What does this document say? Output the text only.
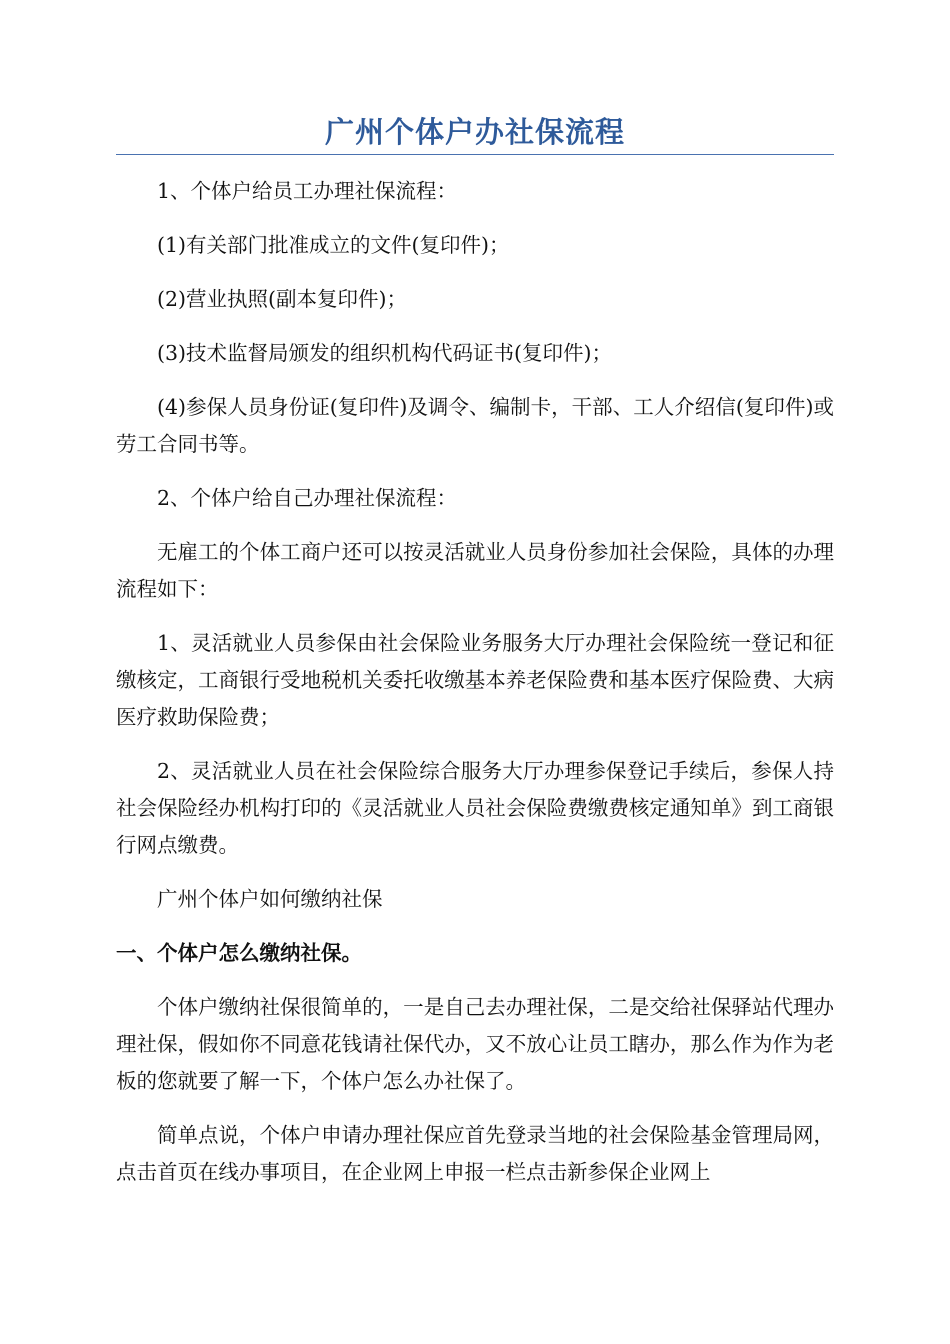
广州个体户办社保流程

1、个体户给员工办理社保流程：

(1)有关部门批准成立的文件(复印件)；

(2)营业执照(副本复印件)；

(3)技术监督局颁发的组织机构代码证书(复印件)；

(4)参保人员身份证(复印件)及调令、编制卡，干部、工人介绍信(复印件)或劳工合同书等。

2、个体户给自己办理社保流程：

无雇工的个体工商户还可以按灵活就业人员身份参加社会保险，具体的办理流程如下：

1、灵活就业人员参保由社会保险业务服务大厅办理社会保险统一登记和征缴核定，工商银行受地税机关委托收缴基本养老保险费和基本医疗保险费、大病医疗救助保险费；

2、灵活就业人员在社会保险综合服务大厅办理参保登记手续后，参保人持社会保险经办机构打印的《灵活就业人员社会保险费缴费核定通知单》到工商银行网点缴费。

广州个体户如何缴纳社保

一、个体户怎么缴纳社保。

个体户缴纳社保很简单的，一是自己去办理社保，二是交给社保驿站代理办理社保，假如你不同意花钱请社保代办，又不放心让员工瞎办，那么作为作为老板的您就要了解一下，个体户怎么办社保了。

简单点说，个体户申请办理社保应首先登录当地的社会保险基金管理局网，点击首页在线办事项目，在企业网上申报一栏点击新参保企业网上
